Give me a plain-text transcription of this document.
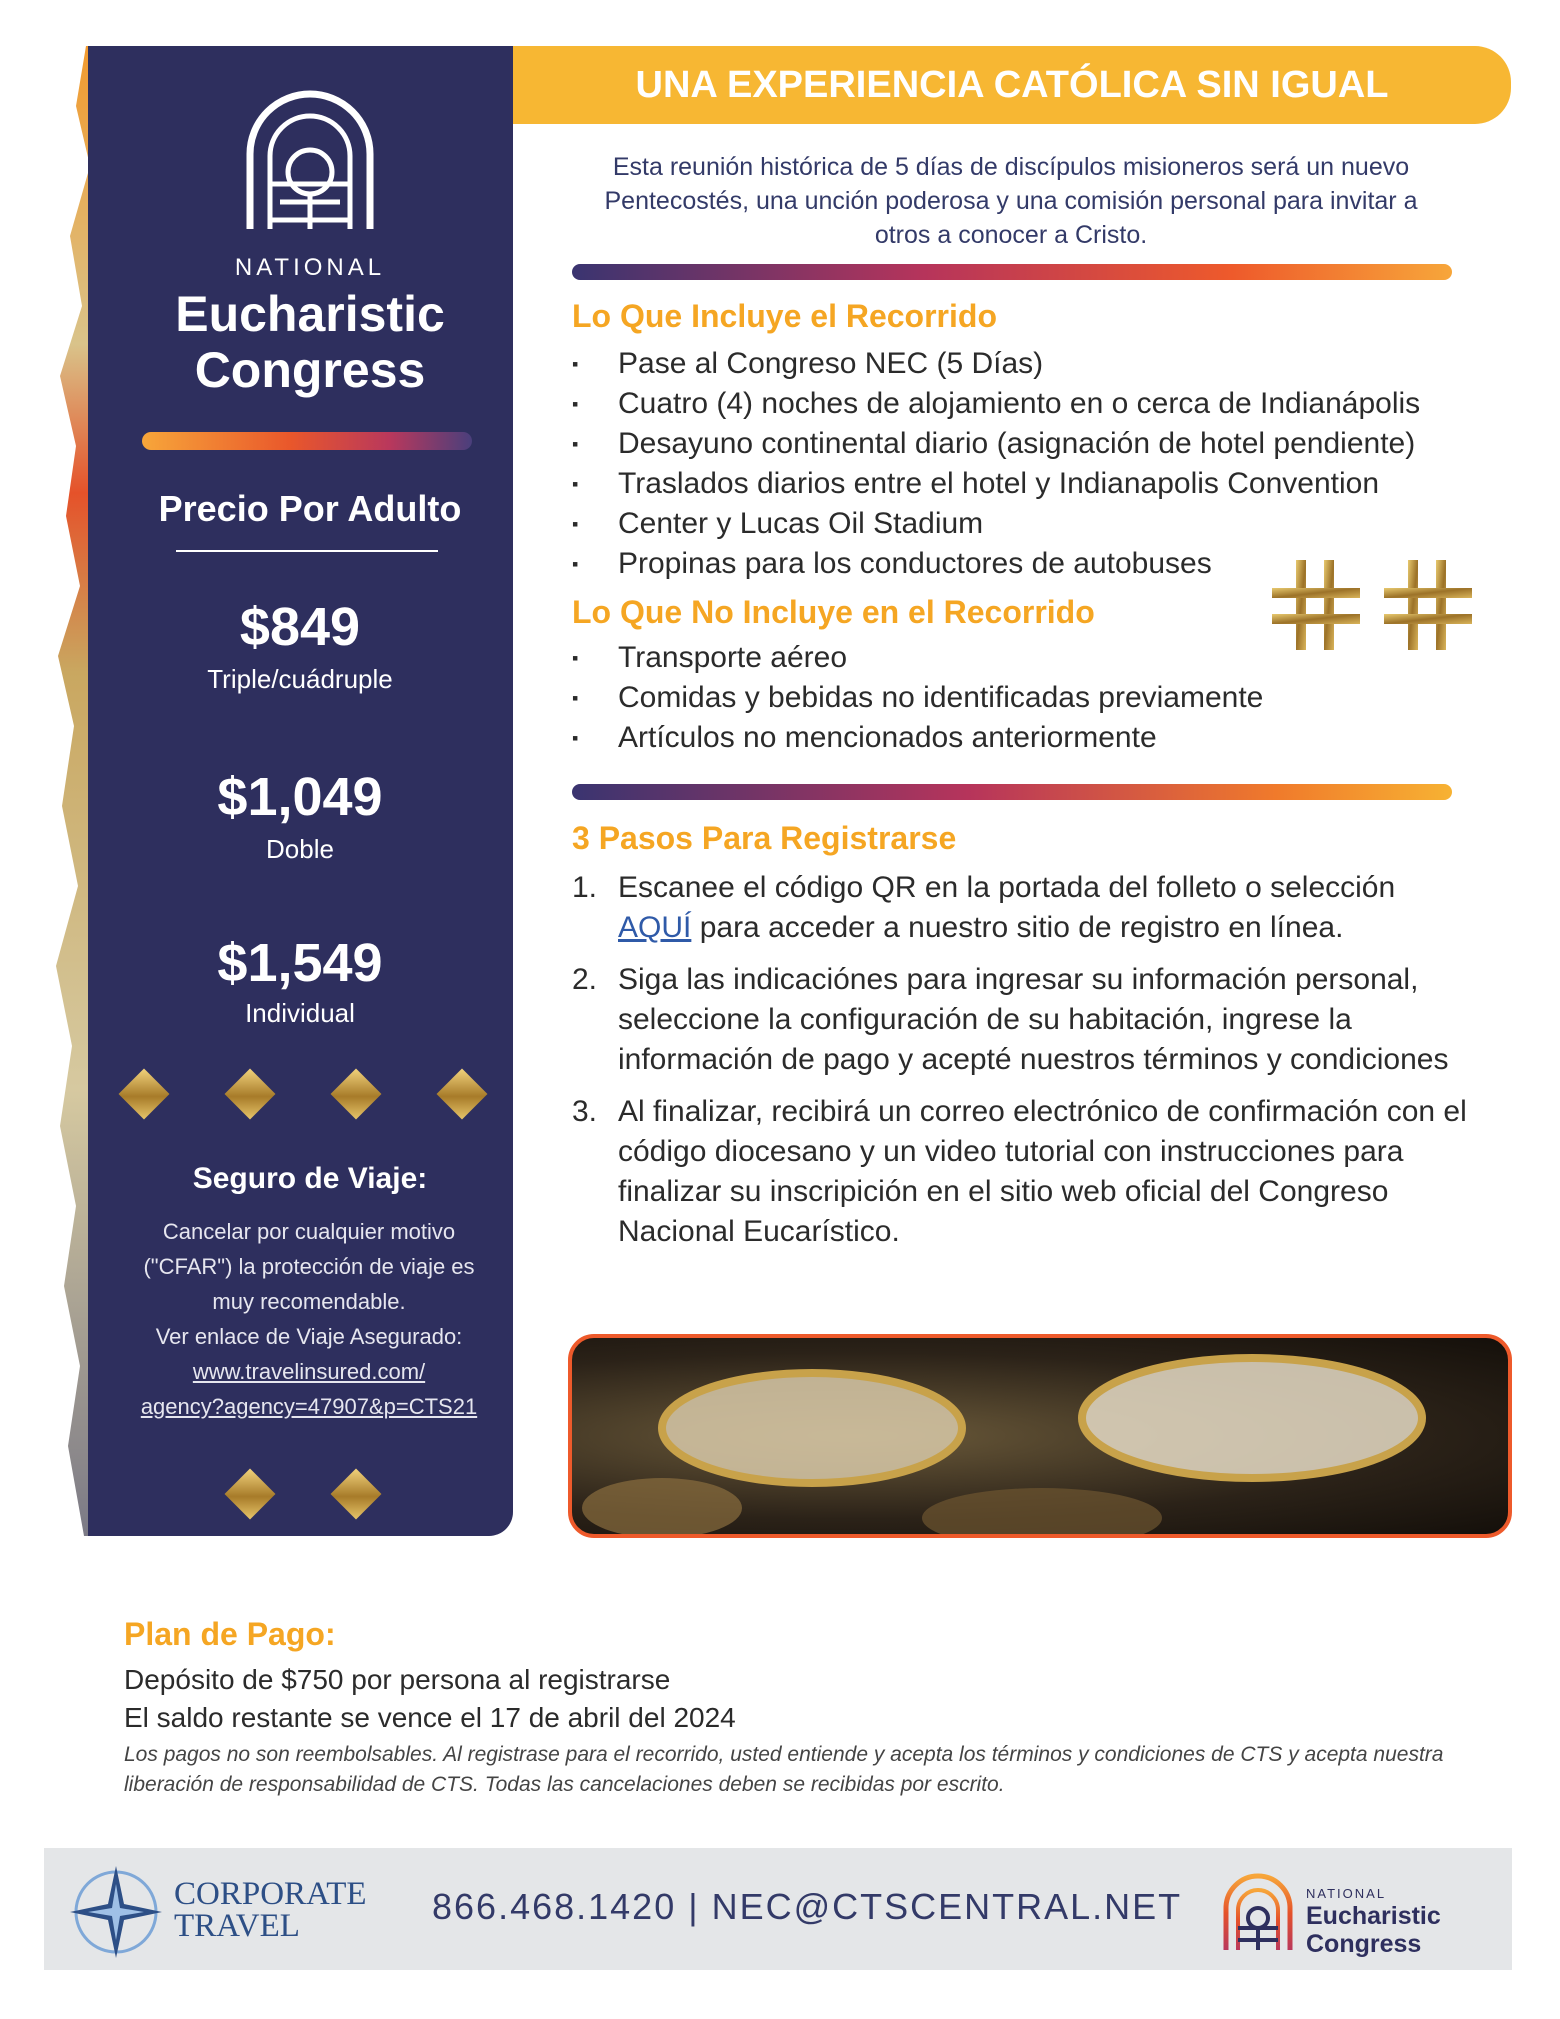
NATIONAL
Eucharistic
Congress
Precio Por Adulto
$849
Triple/cuádruple
$1,049
Doble
$1,549
Individual
Seguro de Viaje:
Cancelar por cualquier motivo
("CFAR") la protección de viaje es
muy recomendable.
Ver enlace de Viaje Asegurado:
www.travelinsured.com/
agency?agency=47907&p=CTS21
UNA EXPERIENCIA CATÓLICA SIN IGUAL
Esta reunión histórica de 5 días de discípulos misioneros será un nuevo
Pentecostés, una unción poderosa y una comisión personal para invitar a
otros a conocer a Cristo.
Lo Que Incluye el Recorrido
▪ Pase al Congreso NEC (5 Días)
▪ Cuatro (4) noches de alojamiento en o cerca de Indianápolis
▪ Desayuno continental diario (asignación de hotel pendiente)
▪ Traslados diarios entre el hotel y Indianapolis Convention
▪ Center y Lucas Oil Stadium
▪ Propinas para los conductores de autobuses
Lo Que No Incluye en el Recorrido
▪ Transporte aéreo
▪ Comidas y bebidas no identificadas previamente
▪ Artículos no mencionados anteriormente
3 Pasos Para Registrarse
1. Escanee el código QR en la portada del folleto o selección
AQUÍ para acceder a nuestro sitio de registro en línea.
2. Siga las indicaciónes para ingresar su información personal, seleccione la configuración de su habitación, ingrese la información de pago y acepté nuestros términos y condiciones
3. Al finalizar, recibirá un correo electrónico de confirmación con el código diocesano y un video tutorial con instrucciones para finalizar su inscripición en el sitio web oficial del Congreso Nacional Eucarístico.
Plan de Pago:
Depósito de $750 por persona al registrarse
El saldo restante se vence el 17 de abril del 2024
Los pagos no son reembolsables. Al registrase para el recorrido, usted entiende y acepta los términos y condiciones de CTS y acepta nuestra liberación de responsabilidad de CTS. Todas las cancelaciones deben se recibidas por escrito.
CORPORATE
TRAVEL	866.468.1420 | NEC@CTSCENTRAL.NET	NATIONAL
Eucharistic
Congress
